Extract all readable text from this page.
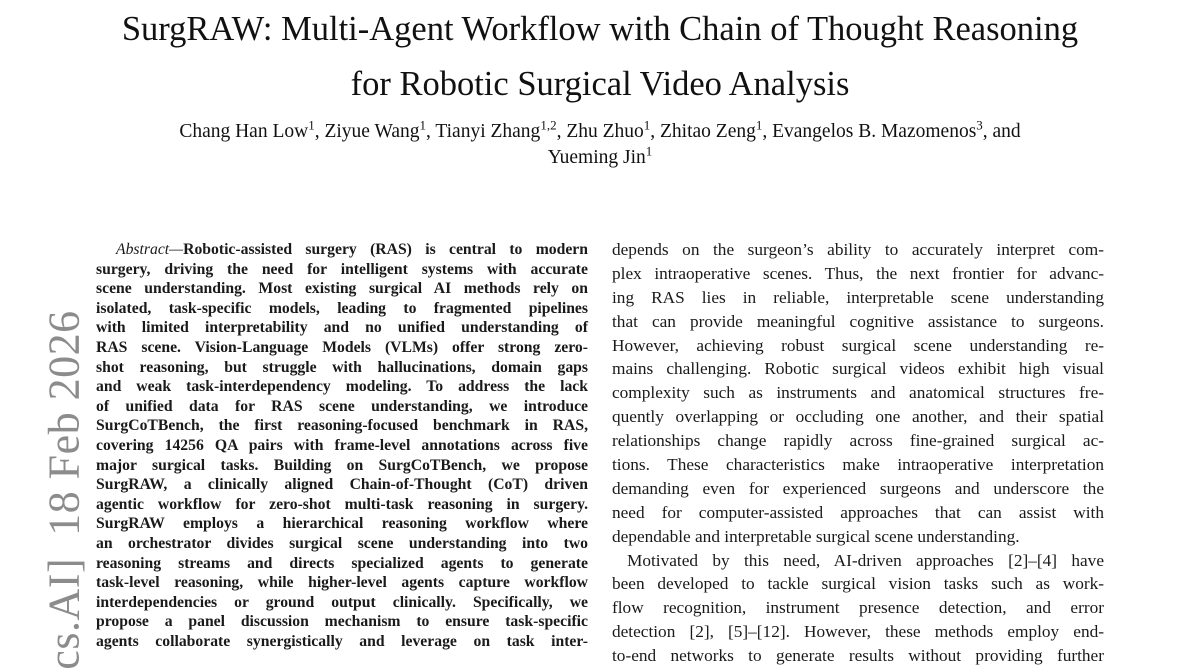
SurgRAW: Multi-Agent Workflow with Chain of Thought Reasoning
for Robotic Surgical Video Analysis
Chang Han Low$^1$, Ziyue Wang$^1$, Tianyi Zhang$^{1,2}$, Zhu Zhuo$^1$, Zhitao Zeng$^1$, Evangelos B. Mazomenos$^3$, and
Yueming Jin$^1$
cs.AI]18 Feb 2026
Abstract—Robotic-assisted surgery (RAS) is central to modern
surgery, driving the need for intelligent systems with accurate
scene understanding. Most existing surgical AI methods rely on
isolated, task-specific models, leading to fragmented pipelines
with limited interpretability and no unified understanding of
RAS scene. Vision-Language Models (VLMs) offer strong zero-
shot reasoning, but struggle with hallucinations, domain gaps
and weak task-interdependency modeling. To address the lack
of unified data for RAS scene understanding, we introduce
SurgCoTBench, the first reasoning-focused benchmark in RAS,
covering 14256 QA pairs with frame-level annotations across five
major surgical tasks. Building on SurgCoTBench, we propose
SurgRAW, a clinically aligned Chain-of-Thought (CoT) driven
agentic workflow for zero-shot multi-task reasoning in surgery.
SurgRAW employs a hierarchical reasoning workflow where
an orchestrator divides surgical scene understanding into two
reasoning streams and directs specialized agents to generate
task-level reasoning, while higher-level agents capture workflow
interdependencies or ground output clinically. Specifically, we
propose a panel discussion mechanism to ensure task-specific
agents collaborate synergistically and leverage on task inter-
depends on the surgeon’s ability to accurately interpret com-
plex intraoperative scenes. Thus, the next frontier for advanc-
ing RAS lies in reliable, interpretable scene understanding
that can provide meaningful cognitive assistance to surgeons.
However, achieving robust surgical scene understanding re-
mains challenging. Robotic surgical videos exhibit high visual
complexity such as instruments and anatomical structures fre-
quently overlapping or occluding one another, and their spatial
relationships change rapidly across fine-grained surgical ac-
tions. These characteristics make intraoperative interpretation
demanding even for experienced surgeons and underscore the
need for computer-assisted approaches that can assist with
dependable and interpretable surgical scene understanding.
Motivated by this need, AI-driven approaches [2]–[4] have
been developed to tackle surgical vision tasks such as work-
flow recognition, instrument presence detection, and error
detection [2], [5]–[12]. However, these methods employ end-
to-end networks to generate results without providing further
